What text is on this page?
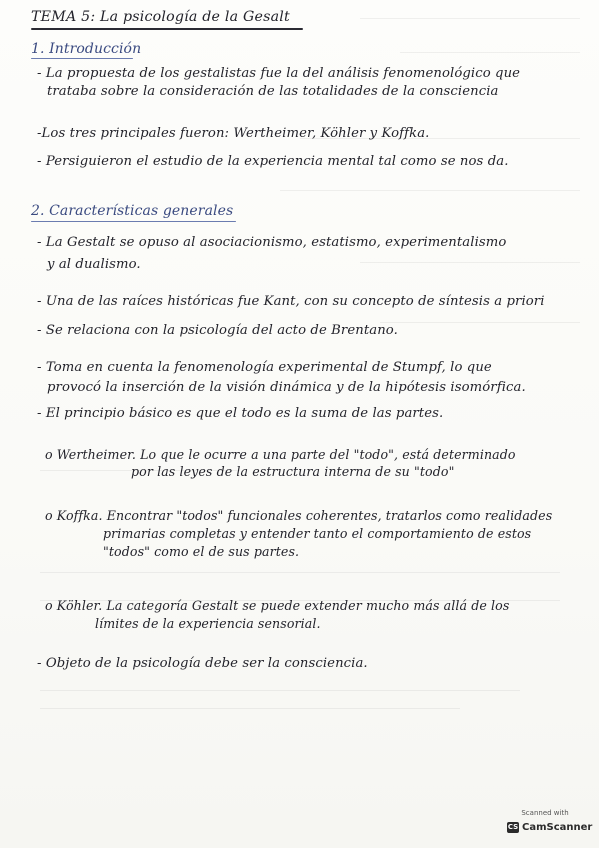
TEMA 5: La psicología de la Gesalt
1. Introducción
- La propuesta de los gestalistas fue la del análisis fenomenológico que
trataba sobre la consideración de las totalidades de la consciencia
-Los tres principales fueron: Wertheimer, Köhler y Koffka.
- Persiguieron el estudio de la experiencia mental tal como se nos da.
2. Características generales
- La Gestalt se opuso al asociacionismo, estatismo, experimentalismo
y al dualismo.
- Una de las raíces históricas fue Kant, con su concepto de síntesis a priori
- Se relaciona con la psicología del acto de Brentano.
- Toma en cuenta la fenomenología experimental de Stumpf, lo que
provocó la inserción de la visión dinámica y de la hipótesis isomórfica.
- El principio básico es que el todo es la suma de las partes.
o Wertheimer. Lo que le ocurre a una parte del "todo", está determinado
por las leyes de la estructura interna de su "todo"
o Koffka. Encontrar "todos" funcionales coherentes, tratarlos como realidades
primarias completas y entender tanto el comportamiento de estos
"todos" como el de sus partes.
o Köhler. La categoría Gestalt se puede extender mucho más allá de los
límites de la experiencia sensorial.
- Objeto de la psicología debe ser la consciencia.
Scanned with
CS CamScanner
